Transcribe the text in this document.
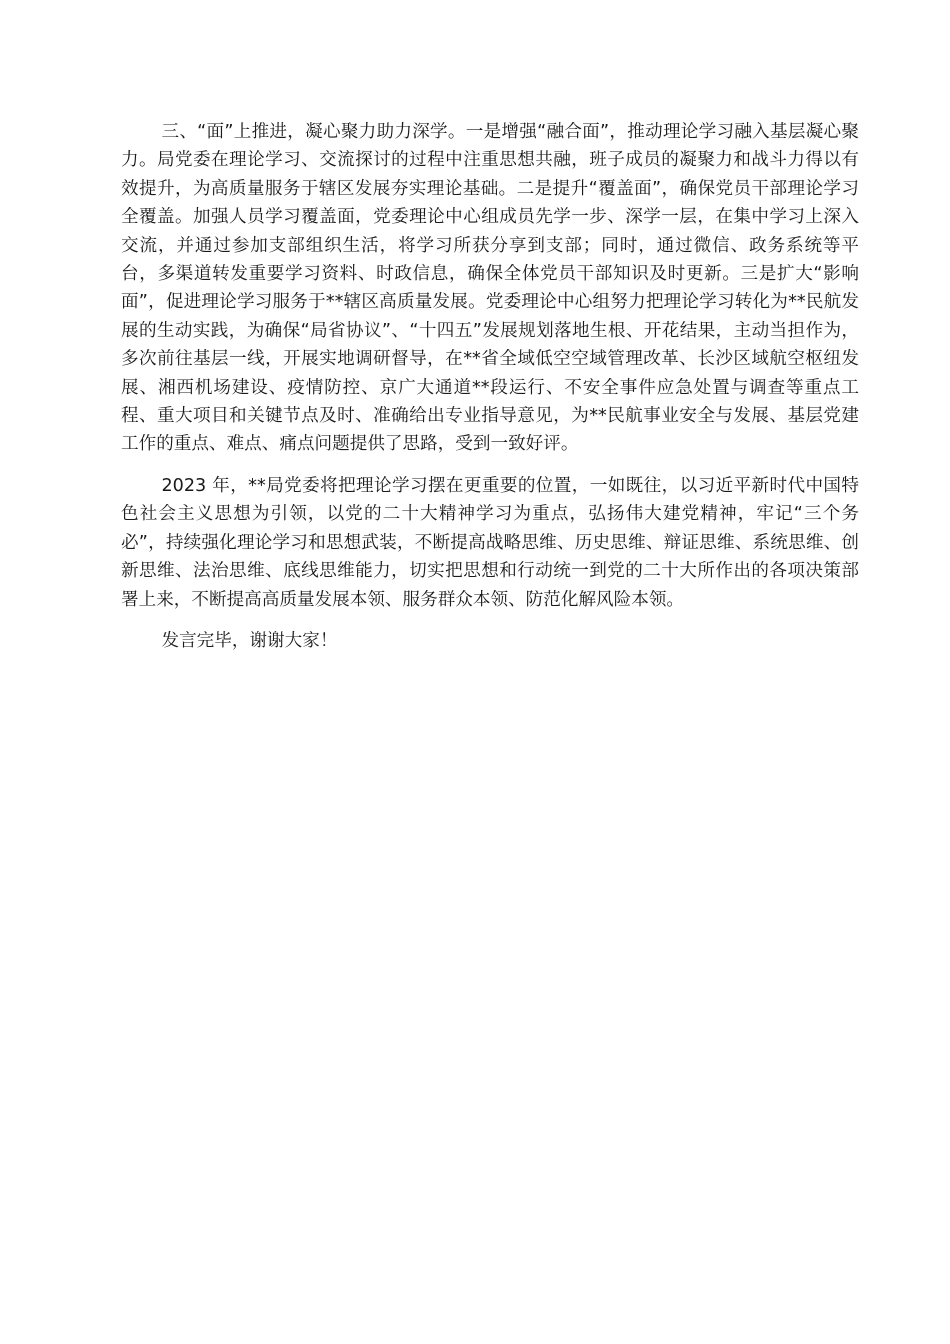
三、“面”上推进，凝心聚力助力深学。一是增强“融合面”，推动理论学习融入基层凝心聚力。局党委在理论学习、交流探讨的过程中注重思想共融，班子成员的凝聚力和战斗力得以有效提升，为高质量服务于辖区发展夯实理论基础。二是提升“覆盖面”，确保党员干部理论学习全覆盖。加强人员学习覆盖面，党委理论中心组成员先学一步、深学一层，在集中学习上深入交流，并通过参加支部组织生活，将学习所获分享到支部；同时，通过微信、政务系统等平台，多渠道转发重要学习资料、时政信息，确保全体党员干部知识及时更新。三是扩大“影响面”，促进理论学习服务于**辖区高质量发展。党委理论中心组努力把理论学习转化为**民航发展的生动实践，为确保“局省协议”、“十四五”发展规划落地生根、开花结果，主动当担作为，多次前往基层一线，开展实地调研督导，在**省全域低空空域管理改革、长沙区域航空枢纽发展、湘西机场建设、疫情防控、京广大通道**段运行、不安全事件应急处置与调查等重点工程、重大项目和关键节点及时、准确给出专业指导意见，为**民航事业安全与发展、基层党建工作的重点、难点、痛点问题提供了思路，受到一致好评。

2023 年，**局党委将把理论学习摆在更重要的位置，一如既往，以习近平新时代中国特色社会主义思想为引领，以党的二十大精神学习为重点，弘扬伟大建党精神，牢记“三个务必”，持续强化理论学习和思想武装，不断提高战略思维、历史思维、辩证思维、系统思维、创新思维、法治思维、底线思维能力，切实把思想和行动统一到党的二十大所作出的各项决策部署上来，不断提高高质量发展本领、服务群众本领、防范化解风险本领。

发言完毕，谢谢大家！
